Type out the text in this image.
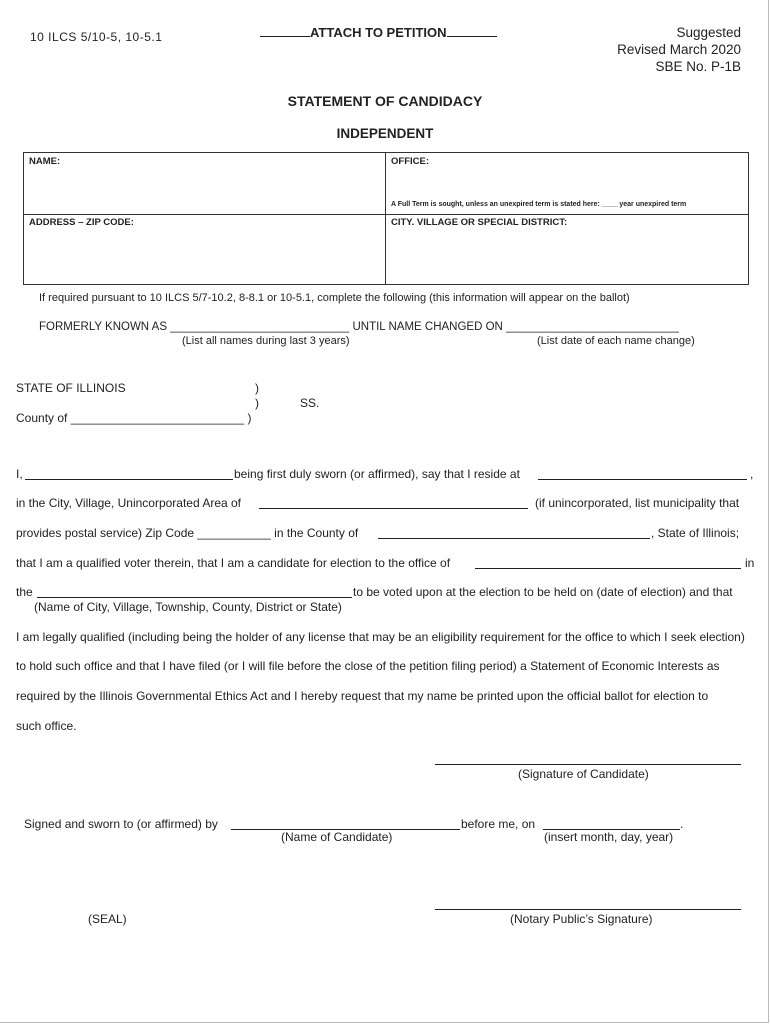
10 ILCS 5/10-5, 10-5.1	ATTACH TO PETITION	Suggested
Revised March 2020
SBE No. P-1B
STATEMENT OF CANDIDACY
INDEPENDENT
NAME:	OFFICE:
A Full Term is sought, unless an unexpired term is stated here: ____ year unexpired term
ADDRESS – ZIP CODE:	CITY. VILLAGE OR SPECIAL DISTRICT:
If required pursuant to 10 ILCS 5/7-10.2, 8-8.1 or 10-5.1, complete the following (this information will appear on the ballot)
FORMERLY KNOWN AS ____________________________ UNTIL NAME CHANGED ON ___________________________
(List all names during last 3 years)	(List date of each name change)
STATE OF ILLINOIS	)
)	SS.
County of __________________________ )
I,	being first duly sworn (or affirmed), say that I reside at	,
in the City, Village, Unincorporated Area of	(if unincorporated, list municipality that
provides postal service) Zip Code ___________ in the County of	, State of Illinois;
that I am a qualified voter therein, that I am a candidate for election to the office of	in
the	to be voted upon at the election to be held on (date of election) and that
(Name of City, Village, Township, County, District or State)
I am legally qualified (including being the holder of any license that may be an eligibility requirement for the office to which I seek election)
to hold such office and that I have filed (or I will file before the close of the petition filing period) a Statement of Economic Interests as
required by the Illinois Governmental Ethics Act and I hereby request that my name be printed upon the official ballot for election to
such office.
(Signature of Candidate)
Signed and sworn to (or affirmed) by	before me, on	.
(Name of Candidate)	(insert month, day, year)
(SEAL)	(Notary Public’s Signature)
